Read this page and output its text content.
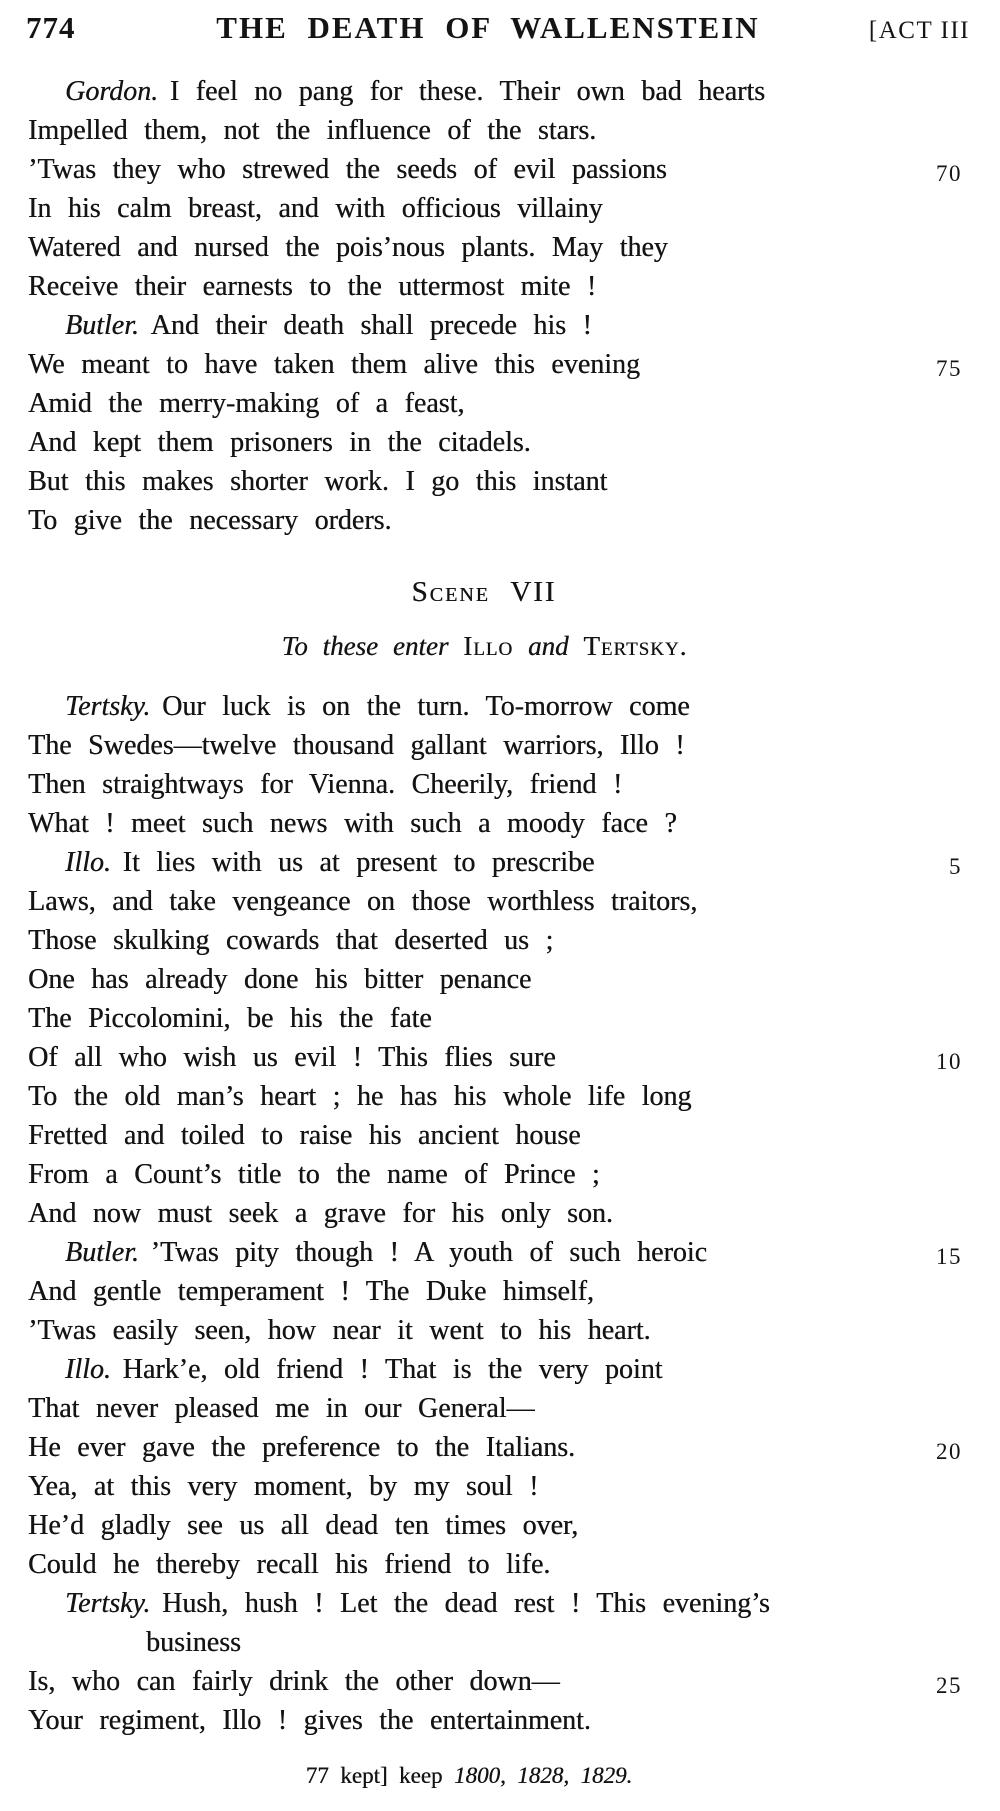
774	THE DEATH OF WALLENSTEIN	[ACT III
Gordon. I feel no pang for these. Their own bad hearts
Impelled them, not the influence of the stars.
’Twas they who strewed the seeds of evil passions	70
In his calm breast, and with officious villainy
Watered and nursed the pois’nous plants. May they
Receive their earnests to the uttermost mite !
Butler. And their death shall precede his !
We meant to have taken them alive this evening	75
Amid the merry-making of a feast,
And kept them prisoners in the citadels.
But this makes shorter work. I go this instant
To give the necessary orders.
Scene VII
To these enter Illo and Tertsky.
Tertsky. Our luck is on the turn. To-morrow come
The Swedes—twelve thousand gallant warriors, Illo !
Then straightways for Vienna. Cheerily, friend !
What ! meet such news with such a moody face ?
Illo. It lies with us at present to prescribe	5
Laws, and take vengeance on those worthless traitors,
Those skulking cowards that deserted us ;
One has already done his bitter penance
The Piccolomini, be his the fate
Of all who wish us evil ! This flies sure	10
To the old man’s heart ; he has his whole life long
Fretted and toiled to raise his ancient house
From a Count’s title to the name of Prince ;
And now must seek a grave for his only son.
Butler. ’Twas pity though ! A youth of such heroic	15
And gentle temperament ! The Duke himself,
’Twas easily seen, how near it went to his heart.
Illo. Hark’e, old friend ! That is the very point
That never pleased me in our General—
He ever gave the preference to the Italians.	20
Yea, at this very moment, by my soul !
He’d gladly see us all dead ten times over,
Could he thereby recall his friend to life.
Tertsky. Hush, hush ! Let the dead rest ! This evening’s
business
Is, who can fairly drink the other down—	25
Your regiment, Illo ! gives the entertainment.
77 kept] keep 1800, 1828, 1829.
